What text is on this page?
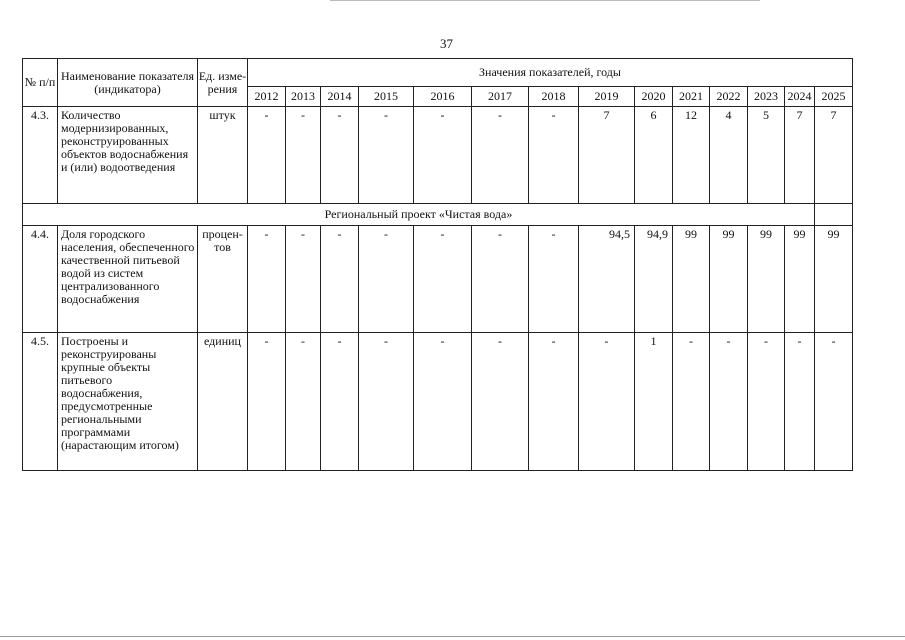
37
№ п/п	Наименование показателя (индикатора)	Ед. изме-рения	Значения показателей, годы													
			2012	2013	2014	2015	2016	2017	2018	2019	2020	2021	2022	2023	2024	2025
4.3.	Количество модернизированных, реконструированных объектов водоснабжения и (или) водоотведения	штук	-	-	-	-	-	-	-	7	6	12	4	5	7	7
Региональный проект «Чистая вода»																
4.4.	Доля городского населения, обеспеченного качественной питьевой водой из систем централизованного водоснабжения	процен-тов	-	-	-	-	-	-	-	94,5	94,9	99	99	99	99	99
4.5.	Построены и реконструированы крупные объекты питьевого водоснабжения, предусмотренные региональными программами (нарастающим итогом)	единиц	-	-	-	-	-	-	-	-	1	-	-	-	-	-
